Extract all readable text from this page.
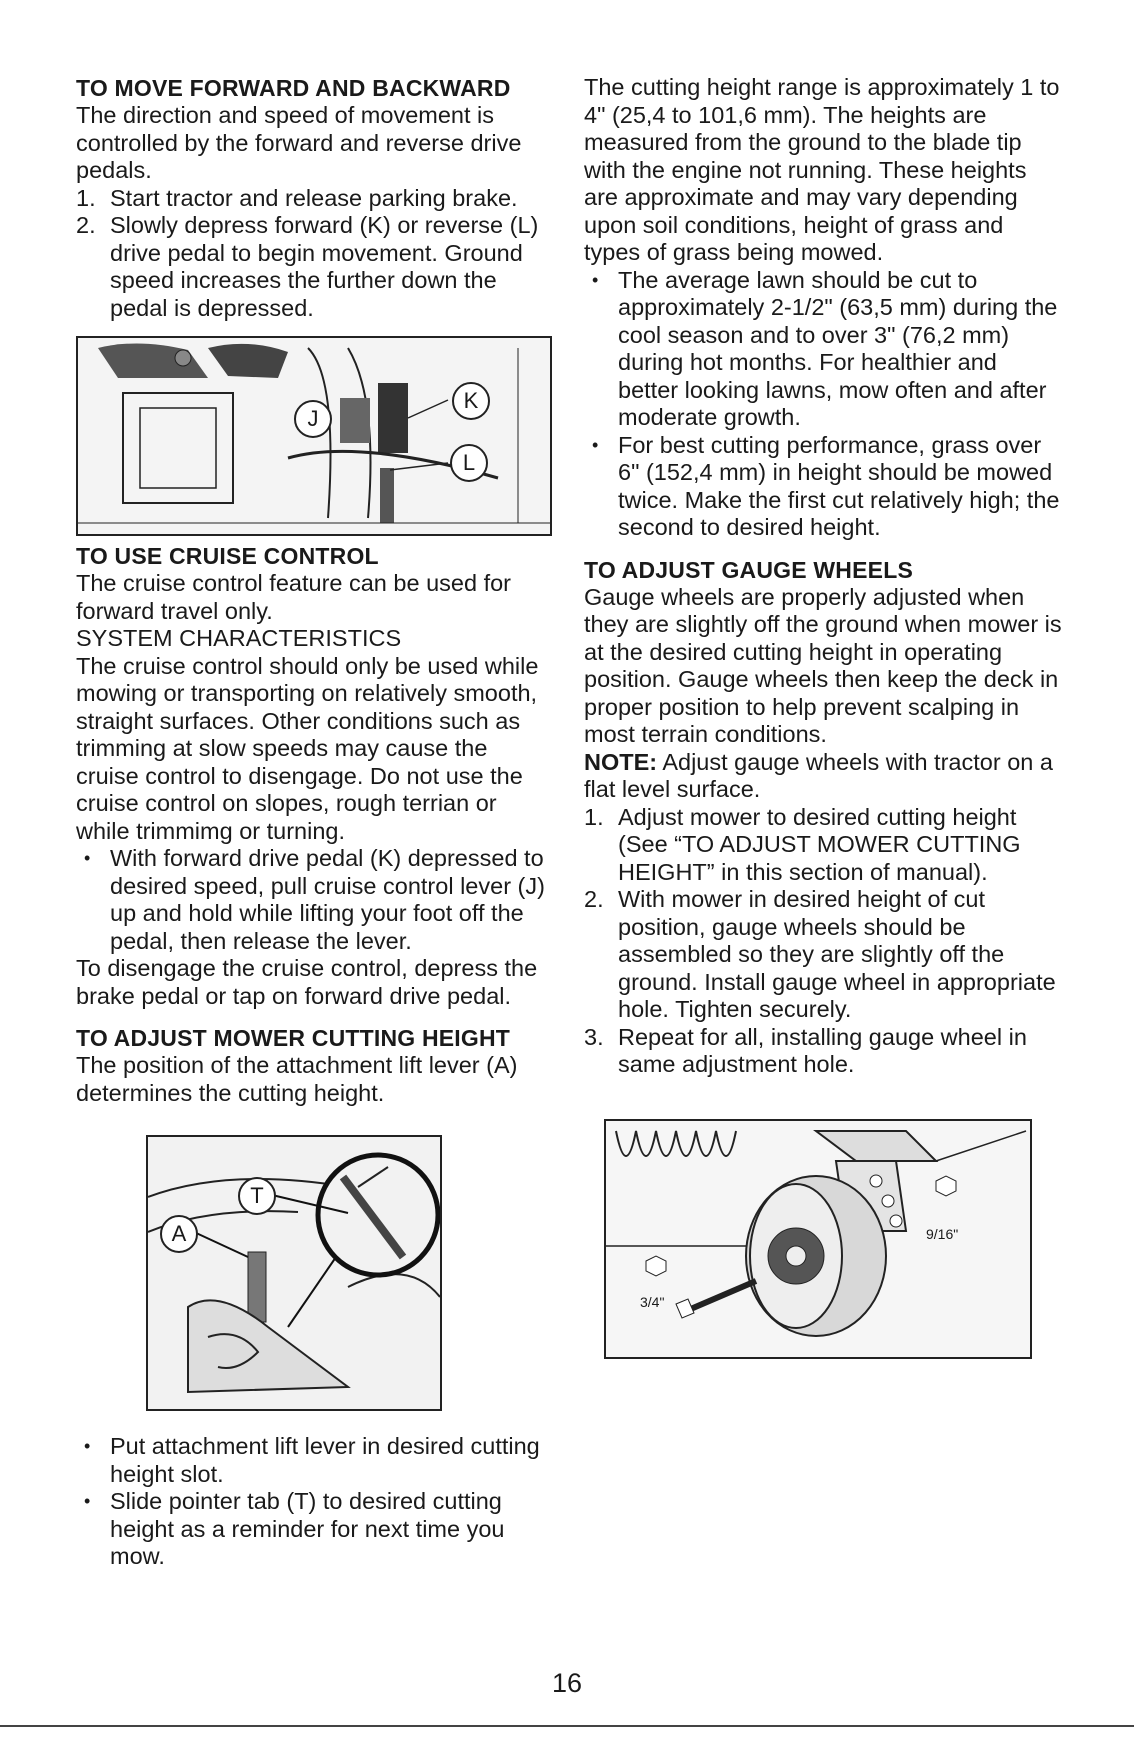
TO MOVE FORWARD AND BACKWARD

The direction and speed of movement is controlled by the forward and reverse drive pedals.

1. Start tractor and release parking brake.
2. Slowly depress forward (K) or reverse (L) drive pedal to begin movement. Ground speed increases the further down the pedal is depressed.
K
J
L
TO USE CRUISE CONTROL

The cruise control feature can be used for forward travel only.

SYSTEM CHARACTERISTICS

The cruise control should only be used while mowing or transporting on relatively smooth, straight surfaces. Other conditions such as trimming at slow speeds may cause the cruise control to disengage. Do not use the cruise control on slopes, rough terrian or while trimmimg or turning.

• With forward drive pedal (K) depressed to desired speed, pull cruise control lever (J) up and hold while lifting your foot off the pedal, then release the lever.

To disengage the cruise control, depress the brake pedal or tap on forward drive pedal.

TO ADJUST MOWER CUTTING HEIGHT

The position of the attachment lift lever (A) determines the cutting height.

T
A
• Put attachment lift lever in desired cutting height slot.
• Slide pointer tab (T) to desired cutting height as a reminder for next time you mow.

The cutting height range is approximately 1 to 4" (25,4 to 101,6 mm). The heights are measured from the ground to the blade tip with the engine not running. These heights are approximate and may vary depending upon soil conditions, height of grass and types of grass being mowed.

• The average lawn should be cut to approximately 2-1/2" (63,5 mm) during the cool season and to over 3" (76,2 mm) during hot months. For healthier and better looking lawns, mow often and after moderate growth.
• For best cutting performance, grass over 6" (152,4 mm) in height should be mowed twice. Make the first cut relatively high; the second to desired height.
TO ADJUST GAUGE WHEELS

Gauge wheels are properly adjusted when they are slightly off the ground when mower is at the desired cutting height in operating position. Gauge wheels then keep the deck in proper position to help prevent scalping in most terrain conditions.

NOTE: Adjust gauge wheels with tractor on a flat level surface.

1. Adjust mower to desired cutting height (See “TO ADJUST MOWER CUTTING HEIGHT” in this section of manual).
2. With mower in desired height of cut position, gauge wheels should be assembled so they are slightly off the ground. Install gauge wheel in appropriate hole. Tighten securely.
3. Repeat for all, installing gauge wheel in same adjustment hole.
9/16"
3/4"
16
